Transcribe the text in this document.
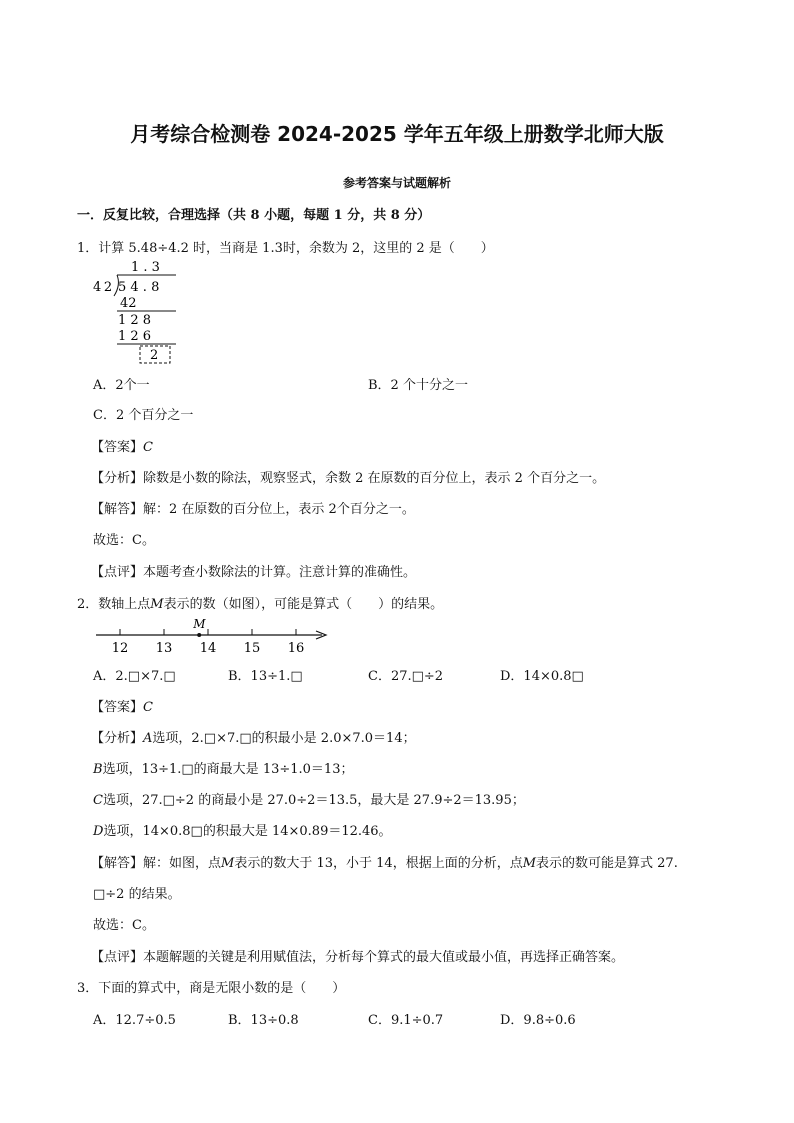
月考综合检测卷 2024-2025 学年五年级上册数学北师大版
参考答案与试题解析
一．反复比较，合理选择（共 8 小题，每题 1 分，共 8 分）
1．计算 5.48÷4.2 时，当商是 1.3时，余数为 2，这里的 2 是（　　）
1 . 3
4 2 5 4 . 8
42
1 2 8
1 2 6
2
A．2个一	B．2 个十分之一
C．2 个百分之一
【答案】C
【分析】除数是小数的除法，观察竖式，余数 2 在原数的百分位上，表示 2 个百分之一。
【解答】解：2 在原数的百分位上，表示 2个百分之一。
故选：C。
【点评】本题考查小数除法的计算。注意计算的准确性。
2．数轴上点M表示的数（如图），可能是算式（　　）的结果。
12 13 14 15 16
M
A．2.□×7.□	B．13÷1.□	C．27.□÷2	D．14×0.8□
【答案】C
【分析】A选项，2.□×7.□的积最小是 2.0×7.0＝14；
B选项，13÷1.□的商最大是 13÷1.0＝13；
C选项，27.□÷2 的商最小是 27.0÷2＝13.5，最大是 27.9÷2＝13.95；
D选项，14×0.8□的积最大是 14×0.89＝12.46。
【解答】解：如图，点M表示的数大于 13，小于 14，根据上面的分析，点M表示的数可能是算式 27.
□÷2 的结果。
故选：C。
【点评】本题解题的关键是利用赋值法，分析每个算式的最大值或最小值，再选择正确答案。
3．下面的算式中，商是无限小数的是（　　）
A．12.7÷0.5	B．13÷0.8	C．9.1÷0.7	D．9.8÷0.6
